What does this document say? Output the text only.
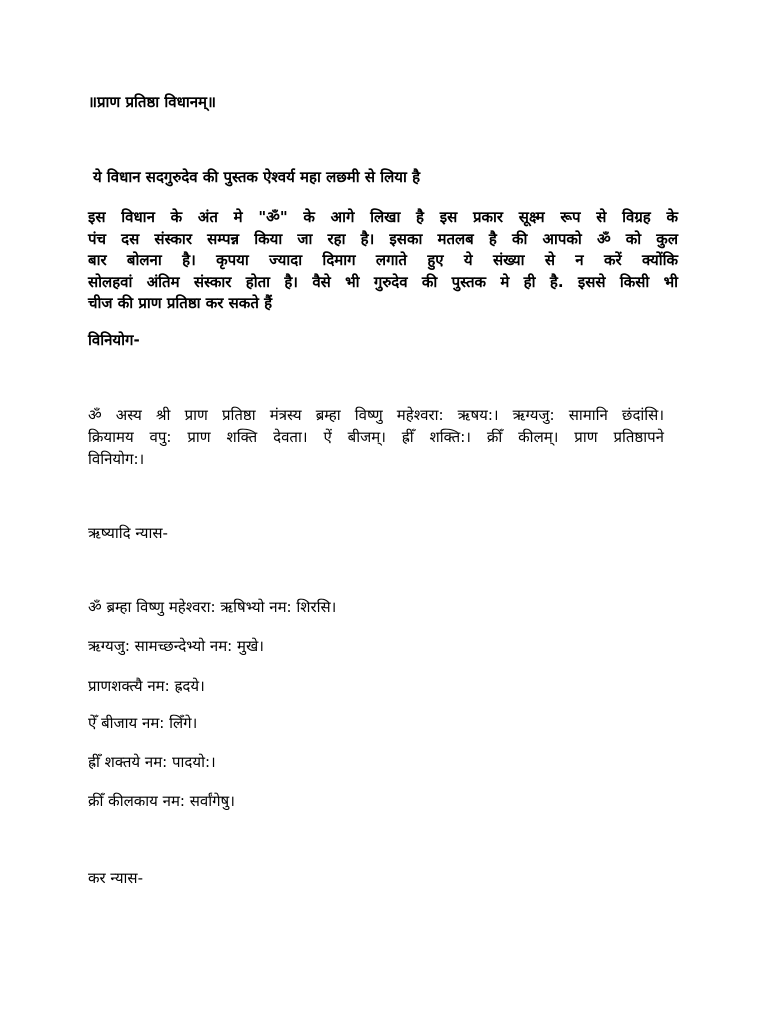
॥प्राण प्रतिष्ठा विधानम्॥
ये विधान सदगुरुदेव की पुस्तक ऐश्वर्य महा लछमी से लिया है
इस विधान के अंत मे "ॐ" के आगे लिखा है इस प्रकार सूक्ष्म रूप से विग्रह के
पंच दस संस्कार सम्पन्न किया जा रहा है। इसका मतलब है की आपको ॐ को कुल
बार बोलना है। कृपया ज्यादा दिमाग लगाते हुए ये संख्या से न करें क्योंकि
सोलहवां अंतिम संस्कार होता है। वैसे भी गुरुदेव की पुस्तक मे ही है. इससे किसी भी
चीज की प्राण प्रतिष्ठा कर सकते हैं
विनियोग-
ॐ अस्य श्री प्राण प्रतिष्ठा मंत्रस्य ब्रम्हा विष्णु महेश्वरा: ऋषय:। ऋग्यजु: सामानि छंदांसि।
क्रियामय वपु: प्राण शक्ति देवता। ऐं बीजम्। ह्रीँ शक्ति:। क्रीँ कीलम्। प्राण प्रतिष्ठापने
विनियोग:।
ऋष्यादि न्यास-
ॐ ब्रम्हा विष्णु महेश्वरा: ऋषिभ्यो नम: शिरसि।
ऋग्यजु: सामच्छन्देभ्यो नम: मुखे।
प्राणशक्त्यै नम: ह्रदये।
ऐँ बीजाय नम: लिँगे।
ह्रीँ शक्तये नम: पादयो:।
क्रीँ कीलकाय नम: सर्वांगेषु।
कर न्यास-
